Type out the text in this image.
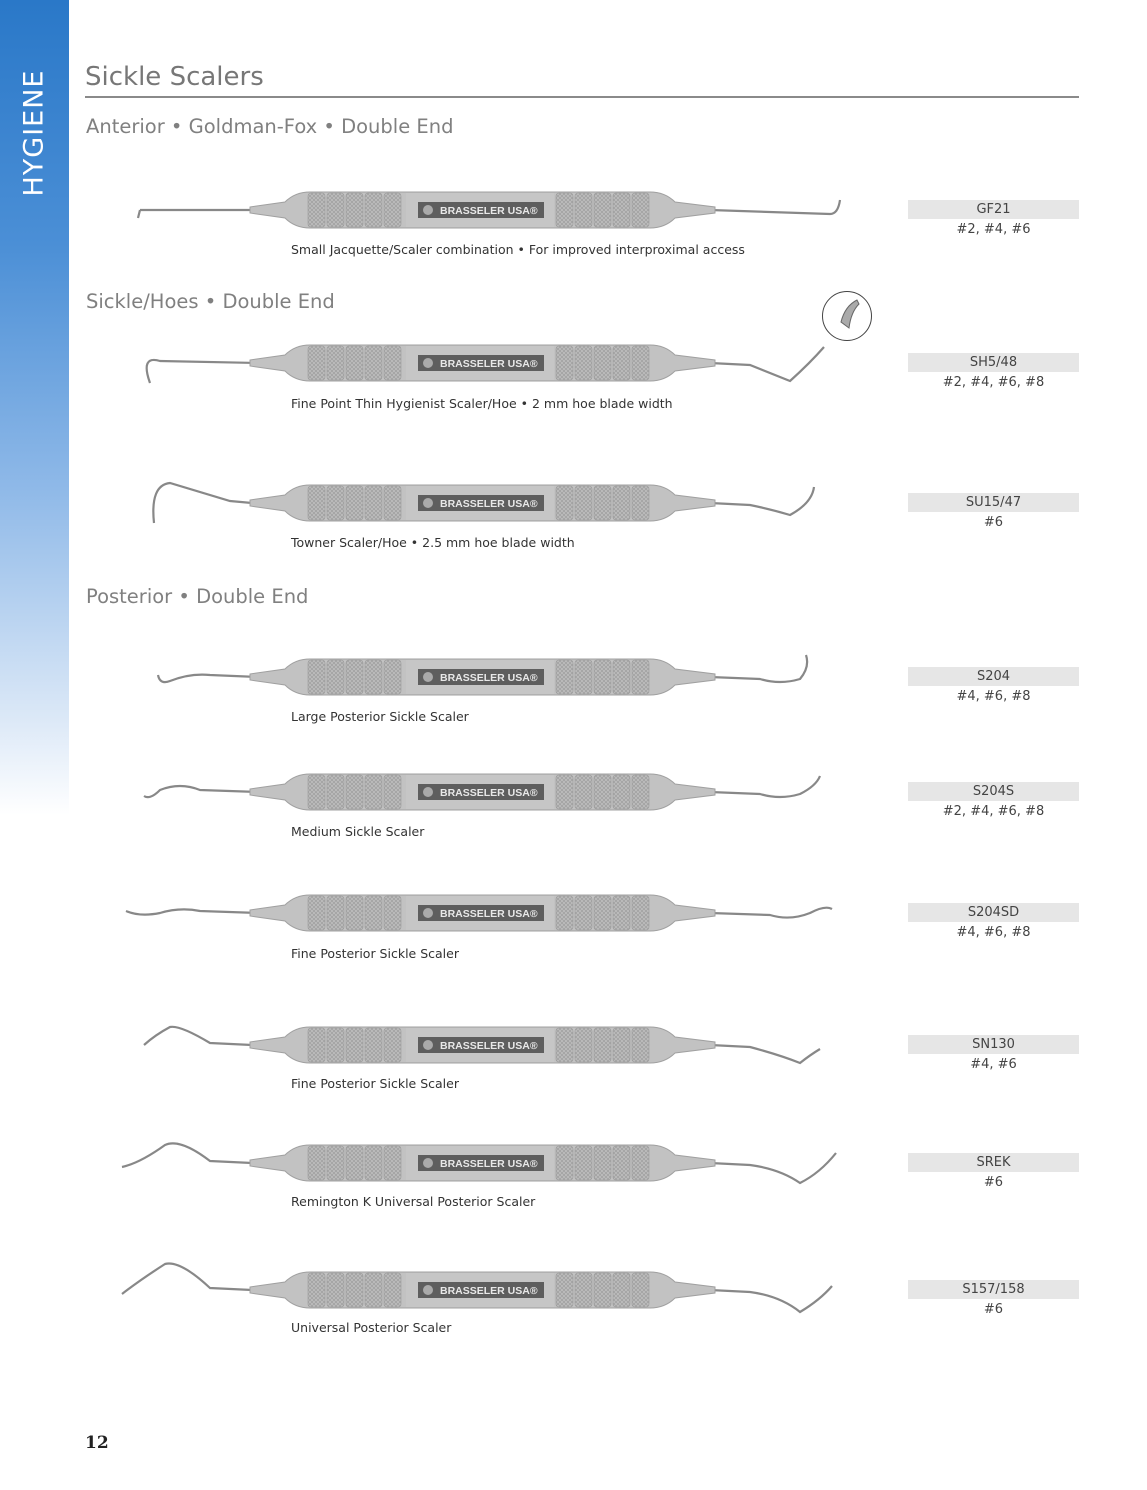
HYGIENE Sickle Scalers
Anterior • Goldman-Fox • Double End
Sickle/Hoes • Double End
Posterior • Double End
BRASSELER USA®
Small Jacquette/Scaler combination • For improved interproximal access
GF21
#2, #4, #6
BRASSELER USA®
Fine Point Thin Hygienist Scaler/Hoe • 2 mm hoe blade width
SH5/48
#2, #4, #6, #8
BRASSELER USA®
Towner Scaler/Hoe • 2.5 mm hoe blade width
SU15/47
#6
BRASSELER USA®
Large Posterior Sickle Scaler
S204
#4, #6, #8
BRASSELER USA®
Medium Sickle Scaler
S204S
#2, #4, #6, #8
BRASSELER USA®
Fine Posterior Sickle Scaler
S204SD
#4, #6, #8
BRASSELER USA®
Fine Posterior Sickle Scaler
SN130
#4, #6
BRASSELER USA®
Remington K Universal Posterior Scaler
SREK
#6
BRASSELER USA®
Universal Posterior Scaler
S157/158
#6
12
